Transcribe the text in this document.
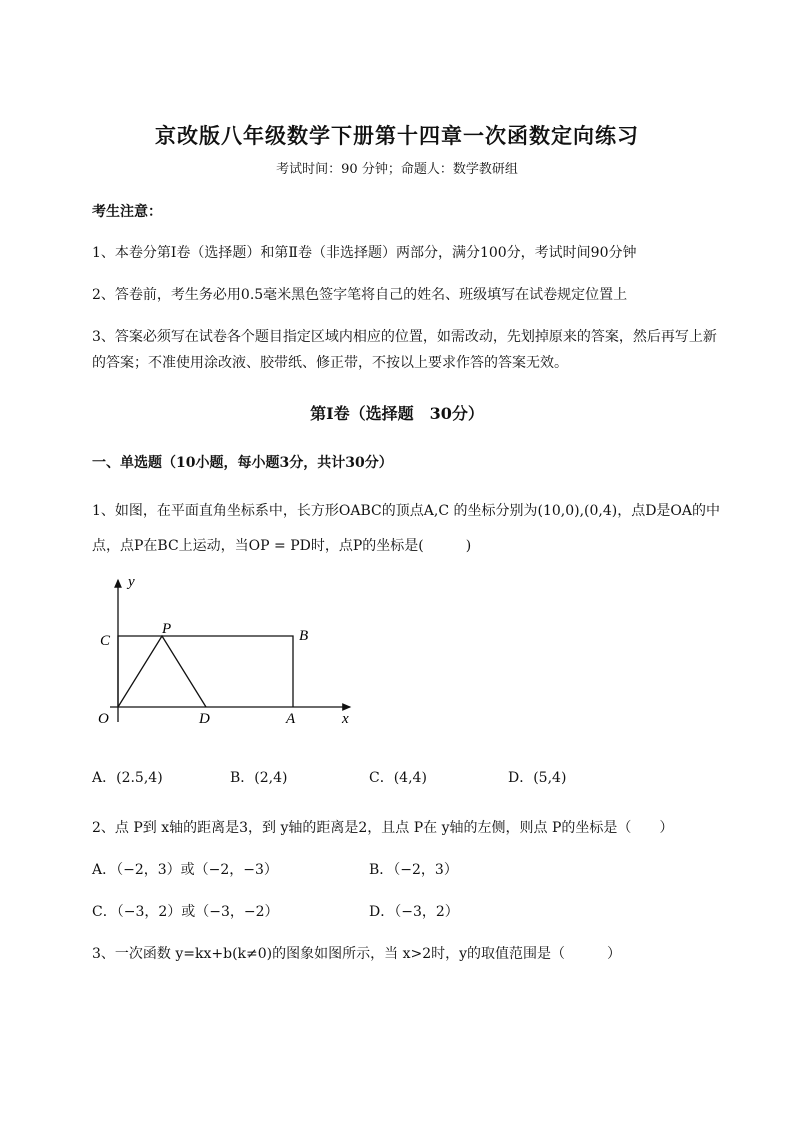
京改版八年级数学下册第十四章一次函数定向练习
考试时间：90 分钟；命题人：数学教研组
考生注意：
1、本卷分第Ⅰ卷（选择题）和第Ⅱ卷（非选择题）两部分，满分100分，考试时间90分钟
2、答卷前，考生务必用0.5毫米黑色签字笔将自己的姓名、班级填写在试卷规定位置上
3、答案必须写在试卷各个题目指定区域内相应的位置，如需改动，先划掉原来的答案，然后再写上新
的答案；不准使用涂改液、胶带纸、修正带，不按以上要求作答的答案无效。
第Ⅰ卷（选择题　30分）
一、单选题（10小题，每小题3分，共计30分）
1、如图，在平面直角坐标系中，长方形OABC的顶点A,C 的坐标分别为(10,0),(0,4)，点D是OA的中
点，点P在BC上运动，当OP = PD时，点P的坐标是(　　　)
y
x
O
C
P	B
D	A
A．(2.5,4)	B．(2,4)	C．(4,4)	D．(5,4)
2、点 P到 x轴的距离是3，到 y轴的距离是2，且点 P在 y轴的左侧，则点 P的坐标是（　　）
A．（−2，3）或（−2，−3）	B．（−2，3）
C．（−3，2）或（−3，−2）	D．（−3，2）
3、一次函数 y=kx+b(k≠0)的图象如图所示，当 x>2时，y的取值范围是（　　　）
